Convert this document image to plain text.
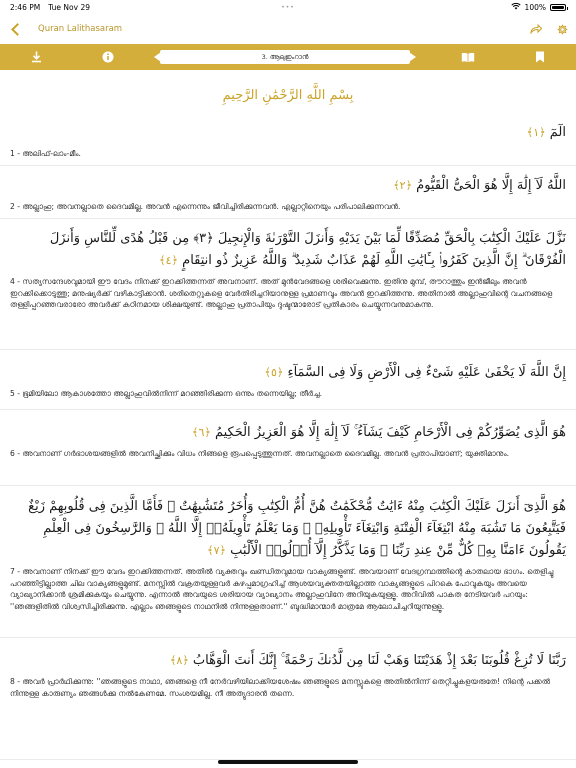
2:46 PM Tue Nov 29	•••	100%
Quran Lalithasaram
3. ആലുഇംറാൻ
بِسْمِ اللَّهِ الرَّحْمَٰنِ الرَّحِيمِ
الٓمٓ ﴿١﴾
1 - അലിഫ്-ലാം-മീം.
اللَّهُ لَآ إِلَٰهَ إِلَّا هُوَ الْحَىُّ الْقَيُّومُ ﴿٢﴾
2 - അല്ലാഹു; അവനല്ലാതെ ദൈവമില്ല. അവന്‍ എന്നെന്നും ജീവിച്ചിരിക്കുന്നവന്‍. എല്ലാറ്റിനെയും പരിപാലിക്കുന്നവന്‍.
نَزَّلَ عَلَيْكَ الْكِتَٰبَ بِالْحَقِّ مُصَدِّقًا لِّمَا بَيْنَ يَدَيْهِ وَأَنزَلَ التَّوْرَىٰةَ وَالْإِنجِيلَ ﴿٣﴾ مِن قَبْلُ هُدًى لِّلنَّاسِ وَأَنزَلَ الْفُرْقَانَ ۗ إِنَّ الَّذِينَ كَفَرُوا۟ بِـَٔايَٰتِ اللَّهِ لَهُمْ عَذَابٌ شَدِيدٌ ۗ وَاللَّهُ عَزِيزٌ ذُو انتِقَامٍ ﴿٤﴾
4 - സത്യസന്ദേശവുമായി ഈ വേദം നിനക്ക് ഇറക്കിത്തന്നത് അവനാണ്. അത് മുന്‍വേദങ്ങളെ ശരിവെക്കുന്നു. ഇതിനു മുമ്പ്, തൗറാത്തും ഇന്‍ജീലും അവന്‍ ഇറക്കിക്കൊടുത്തു; മനുഷ്യര്‍ക്ക് വഴികാട്ടിക്കാന്‍. ശരിതെറ്റുകളെ വേര്‍തിരിച്ചറിയാനുള്ള പ്രമാണവും അവന്‍ ഇറക്കിത്തന്നു. അതിനാല്‍ അല്ലാഹുവിന്റെ വചനങ്ങളെ തള്ളിപ്പറഞ്ഞവരാരോ അവര്‍ക്ക് കഠിനമായ ശിക്ഷയുണ്ട്. അല്ലാഹു പ്രതാപിയും ദുഷ്ടന്മാരോട് പ്രതികാരം ചെയ്യുന്നവനുമാകുന്നു.
إِنَّ اللَّهَ لَا يَخْفَىٰ عَلَيْهِ شَىْءٌ فِى الْأَرْضِ وَلَا فِى السَّمَآءِ ﴿٥﴾
5 - ഭൂമിയിലോ ആകാശത്തോ അല്ലാഹുവില്‍നിന്ന് മറഞ്ഞിരിക്കുന്ന ഒന്നും തന്നെയില്ല; തീര്‍ച്ച.
هُوَ الَّذِى يُصَوِّرُكُمْ فِى الْأَرْحَامِ كَيْفَ يَشَآءُ ۚ لَآ إِلَٰهَ إِلَّا هُوَ الْعَزِيزُ الْحَكِيمُ ﴿٦﴾
6 - അവനാണ് ഗര്‍ഭാശയങ്ങളില്‍ അവനിച്ഛിക്കും വിധം നിങ്ങളെ രൂപപ്പെടുത്തുന്നത്. അവനല്ലാതെ ദൈവമില്ല. അവന്‍ പ്രതാപിയാണ്; യുക്തിമാനും.
هُوَ الَّذِىٓ أَنزَلَ عَلَيْكَ الْكِتَٰبَ مِنْهُ ءَايَٰتٌ مُّحْكَمَٰتٌ هُنَّ أُمُّ الْكِتَٰبِ وَأُخَرُ مُتَشَٰبِهَٰتٌ ۖ فَأَمَّا الَّذِينَ فِى قُلُوبِهِمْ زَيْغٌ فَيَتَّبِعُونَ مَا تَشَٰبَهَ مِنْهُ ابْتِغَآءَ الْفِتْنَةِ وَابْتِغَآءَ تَأْوِيلِهِۦ ۗ وَمَا يَعْلَمُ تَأْوِيلَهُۥٓ إِلَّا اللَّهُ ۗ وَالرَّٰسِخُونَ فِى الْعِلْمِ يَقُولُونَ ءَامَنَّا بِهِۦ كُلٌّ مِّنْ عِندِ رَبِّنَا ۗ وَمَا يَذَّكَّرُ إِلَّآ أُو۟لُوا۟ الْأَلْبَٰبِ ﴿٧﴾
7 - അവനാണ് നിനക്ക് ഈ വേദം ഇറക്കിത്തന്നത്. അതില്‍ വ്യക്തവും ഖണ്ഡിതവുമായ വാക്യങ്ങളുണ്ട്. അവയാണ് വേദഗ്രന്ഥത്തിന്റെ കാതലായ ഭാഗം. തെളിച്ചു പറഞ്ഞിട്ടില്ലാത്ത ചില വാക്യങ്ങളുമുണ്ട്. മനസ്സില്‍ വക്രതയുള്ളവര്‍ കുഴപ്പമാഗ്രഹിച്ച് ആശയവ്യക്തതയില്ലാത്ത വാക്യങ്ങളുടെ പിറകെ പോവുകയും അവയെ വ്യാഖ്യാനിക്കാന്‍ ശ്രമിക്കുകയും ചെയ്യുന്നു. എന്നാല്‍ അവയുടെ ശരിയായ വ്യാഖ്യാനം അല്ലാഹുവിനേ അറിയുകയുള്ളൂ. അറിവില്‍ പാകത നേടിയവര്‍ പറയും: ''ഞങ്ങളിതില്‍ വിശ്വസിച്ചിരിക്കുന്നു. എല്ലാം ഞങ്ങളുടെ നാഥനില്‍ നിന്നുള്ളതാണ്.'' ബുദ്ധിമാന്മാര്‍ മാത്രമേ ആലോചിച്ചറിയുന്നുള്ളൂ.
رَبَّنَا لَا تُزِغْ قُلُوبَنَا بَعْدَ إِذْ هَدَيْتَنَا وَهَبْ لَنَا مِن لَّدُنكَ رَحْمَةً ۚ إِنَّكَ أَنتَ الْوَهَّابُ ﴿٨﴾
8 - അവര്‍ പ്രാര്‍ഥിക്കുന്നു: ''ഞങ്ങളുടെ നാഥാ, ഞങ്ങളെ നീ നേര്‍വഴിയിലാക്കിയശേഷം ഞങ്ങളുടെ മനസ്സുകളെ അതില്‍നിന്ന് തെറ്റിച്ചുകളയരുതേ! നിന്റെ പക്കല്‍ നിന്നുള്ള കാരുണ്യം ഞങ്ങള്‍ക്കു നല്‍കേണമേ. സംശയമില്ല. നീ അത്യുദാരന്‍ തന്നെ.
